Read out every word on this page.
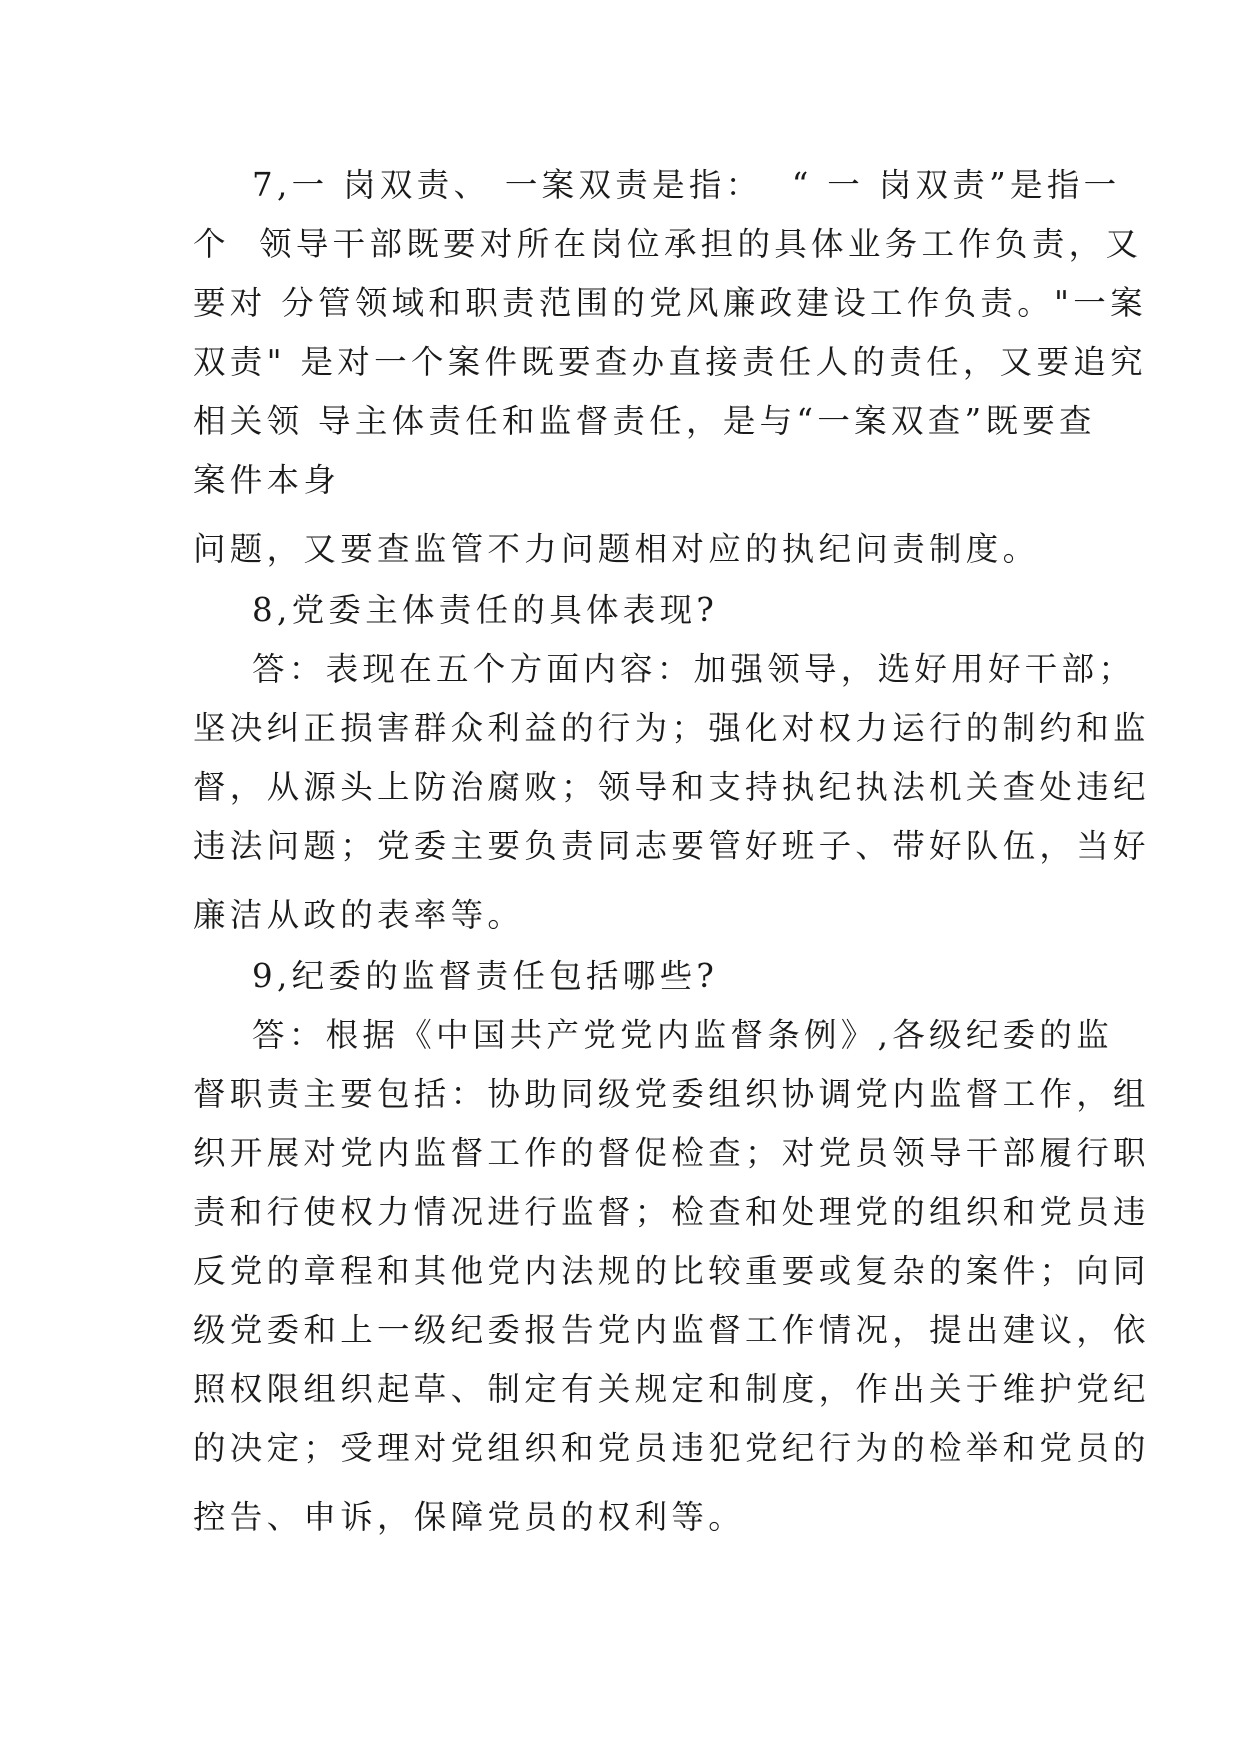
7,一 岗双责、 一案双责是指：  “ 一 岗双责”是指一
个  领导干部既要对所在岗位承担的具体业务工作负责，又
要对 分管领域和职责范围的党风廉政建设工作负责。"一案
双责" 是对一个案件既要查办直接责任人的责任，又要追究
相关领 导主体责任和监督责任，是与“一案双查”既要查
案件本身
问题，又要查监管不力问题相对应的执纪问责制度。
8,党委主体责任的具体表现?
答：表现在五个方面内容：加强领导，选好用好干部；
坚决纠正损害群众利益的行为；强化对权力运行的制约和监
督，从源头上防治腐败；领导和支持执纪执法机关查处违纪
违法问题；党委主要负责同志要管好班子、带好队伍，当好
廉洁从政的表率等。
9,纪委的监督责任包括哪些?
答：根据《中国共产党党内监督条例》,各级纪委的监
督职责主要包括：协助同级党委组织协调党内监督工作，组
织开展对党内监督工作的督促检查；对党员领导干部履行职
责和行使权力情况进行监督；检查和处理党的组织和党员违
反党的章程和其他党内法规的比较重要或复杂的案件；向同
级党委和上一级纪委报告党内监督工作情况，提出建议，依
照权限组织起草、制定有关规定和制度，作出关于维护党纪
的决定；受理对党组织和党员违犯党纪行为的检举和党员的
控告、申诉，保障党员的权利等。
